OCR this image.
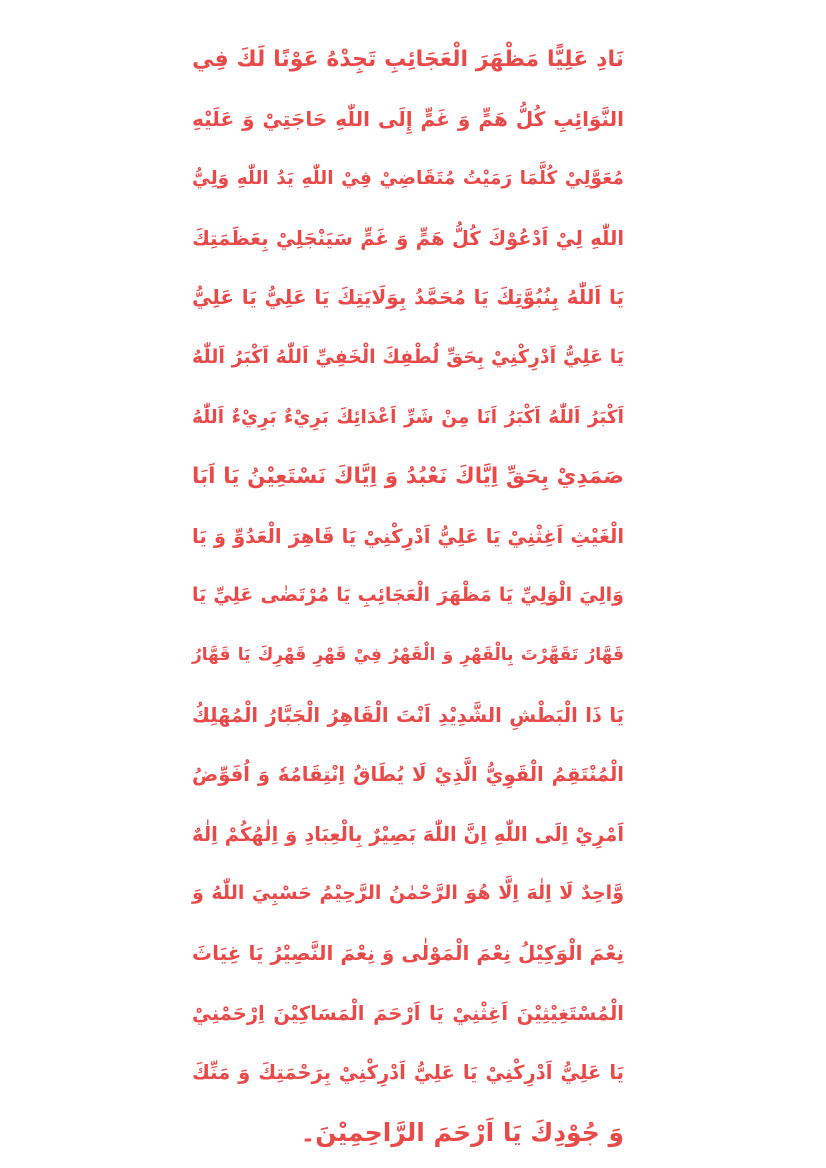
نَادِ عَلِيًّا مَظْهَرَ الْعَجَائِبِ تَجِدْهُ عَوْنًا لَكَ فِي
النَّوَائِبِ كُلُّ هَمٍّ وَ غَمٍّ إِلَى اللّٰهِ حَاجَتِيْ وَ عَلَيْهِ
مُعَوَّلِيْ كُلَّمَا رَمَيْتُ مُتَقَاضِيْ فِيْ اللّٰهِ يَدُ اللّٰهِ وَلِيُّ
اللّٰهِ لِيْ اَدْعُوْكَ كُلُّ هَمٍّ وَ غَمٍّ سَيَنْجَلِيْ بِعَظَمَتِكَ
يَا اَللّٰهُ بِنُبُوَّتِكَ يَا مُحَمَّدُ بِوَلَايَتِكَ يَا عَلِيُّ يَا عَلِيُّ
يَا عَلِيُّ اَدْرِكْنِيْ بِحَقِّ لُطْفِكَ الْخَفِيِّ اَللّٰهُ اَكْبَرُ اَللّٰهُ
اَكْبَرُ اَللّٰهُ اَكْبَرُ اَنَا مِنْ شَرِّ اَعْدَائِكَ بَرِيْءٌ بَرِيْءٌ اَللّٰهُ
صَمَدِيْ بِحَقِّ اِيَّاكَ نَعْبُدُ وَ اِيَّاكَ نَسْتَعِيْنُ يَا اَبَا
الْغَيْثِ اَغِثْنِيْ يَا عَلِيُّ اَدْرِكْنِيْ يَا قَاهِرَ الْعَدُوِّ وَ يَا
وَالِيَ الْوَلِيِّ يَا مَظْهَرَ الْعَجَائِبِ يَا مُرْتَضٰى عَلِيِّ يَا
قَهَّارُ تَقَهَّرْتَ بِالْقَهْرِ وَ الْقَهْرُ فِيْ قَهْرِ قَهْرِكَ يَا قَهَّارُ
يَا ذَا الْبَطْشِ الشَّدِيْدِ اَنْتَ الْقَاهِرُ الْجَبَّارُ الْمُهْلِكُ
الْمُنْتَقِمُ الْقَوِيُّ الَّذِيْ لَا يُطَاقُ اِنْتِقَامُهٗ وَ اُفَوِّضُ
اَمْرِيْ اِلَى اللّٰهِ اِنَّ اللّٰهَ بَصِيْرٌ بِالْعِبَادِ وَ اِلٰهُكُمْ اِلٰهٌ
وَّاحِدٌ لَا اِلٰهَ اِلَّا هُوَ الرَّحْمٰنُ الرَّحِيْمُ حَسْبِيَ اللّٰهُ وَ
نِعْمَ الْوَكِيْلُ نِعْمَ الْمَوْلٰى وَ نِعْمَ النَّصِيْرُ يَا غِيَاثَ
الْمُسْتَغِيْثِيْنَ اَغِثْنِيْ يَا اَرْحَمَ الْمَسَاكِيْنَ اِرْحَمْنِيْ
يَا عَلِيُّ اَدْرِكْنِيْ يَا عَلِيُّ اَدْرِكْنِيْ بِرَحْمَتِكَ وَ مَنِّكَ
وَ جُوْدِكَ يَا اَرْحَمَ الرَّاحِمِيْنَ۔
